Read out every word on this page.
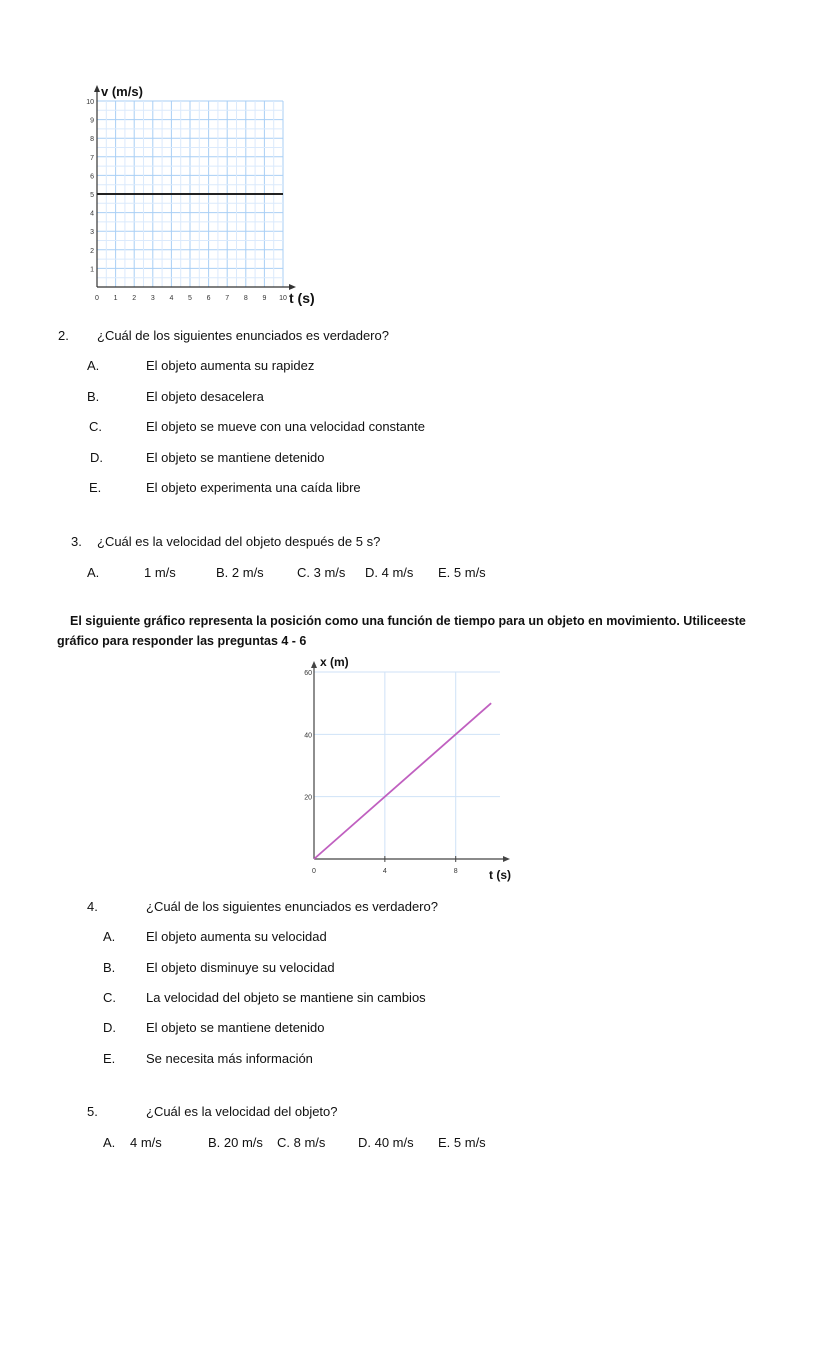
0 1 2 3 4 5 6 7 8 9 10
1
2
3
4
5
6
7
8
9
10
v (m/s)
t (s)
2. ¿Cuál de los siguientes enunciados es verdadero?
A.	El objeto aumenta su rapidez
B.	El objeto desacelera
C.	El objeto se mueve con una velocidad constante
D.	El objeto se mantiene detenido
E.	El objeto experimenta una caída libre
3. ¿Cuál es la velocidad del objeto después de 5 s?
A.	1 m/s	B. 2 m/s	C. 3 m/s D. 4 m/s E. 5 m/s
El siguiente gráfico representa la posición como una función de tiempo para un objeto en movimiento. Utiliceeste
gráfico para responder las preguntas 4 - 6
0	4	8
20
40
60
x (m)
t (s)
4.	¿Cuál de los siguientes enunciados es verdadero?
A. El objeto aumenta su velocidad
B. El objeto disminuye su velocidad
C. La velocidad del objeto se mantiene sin cambios
D. El objeto se mantiene detenido
E. Se necesita más información
5.	¿Cuál es la velocidad del objeto?
A. 4 m/s	B. 20 m/s C. 8 m/s	D. 40 m/s E. 5 m/s
